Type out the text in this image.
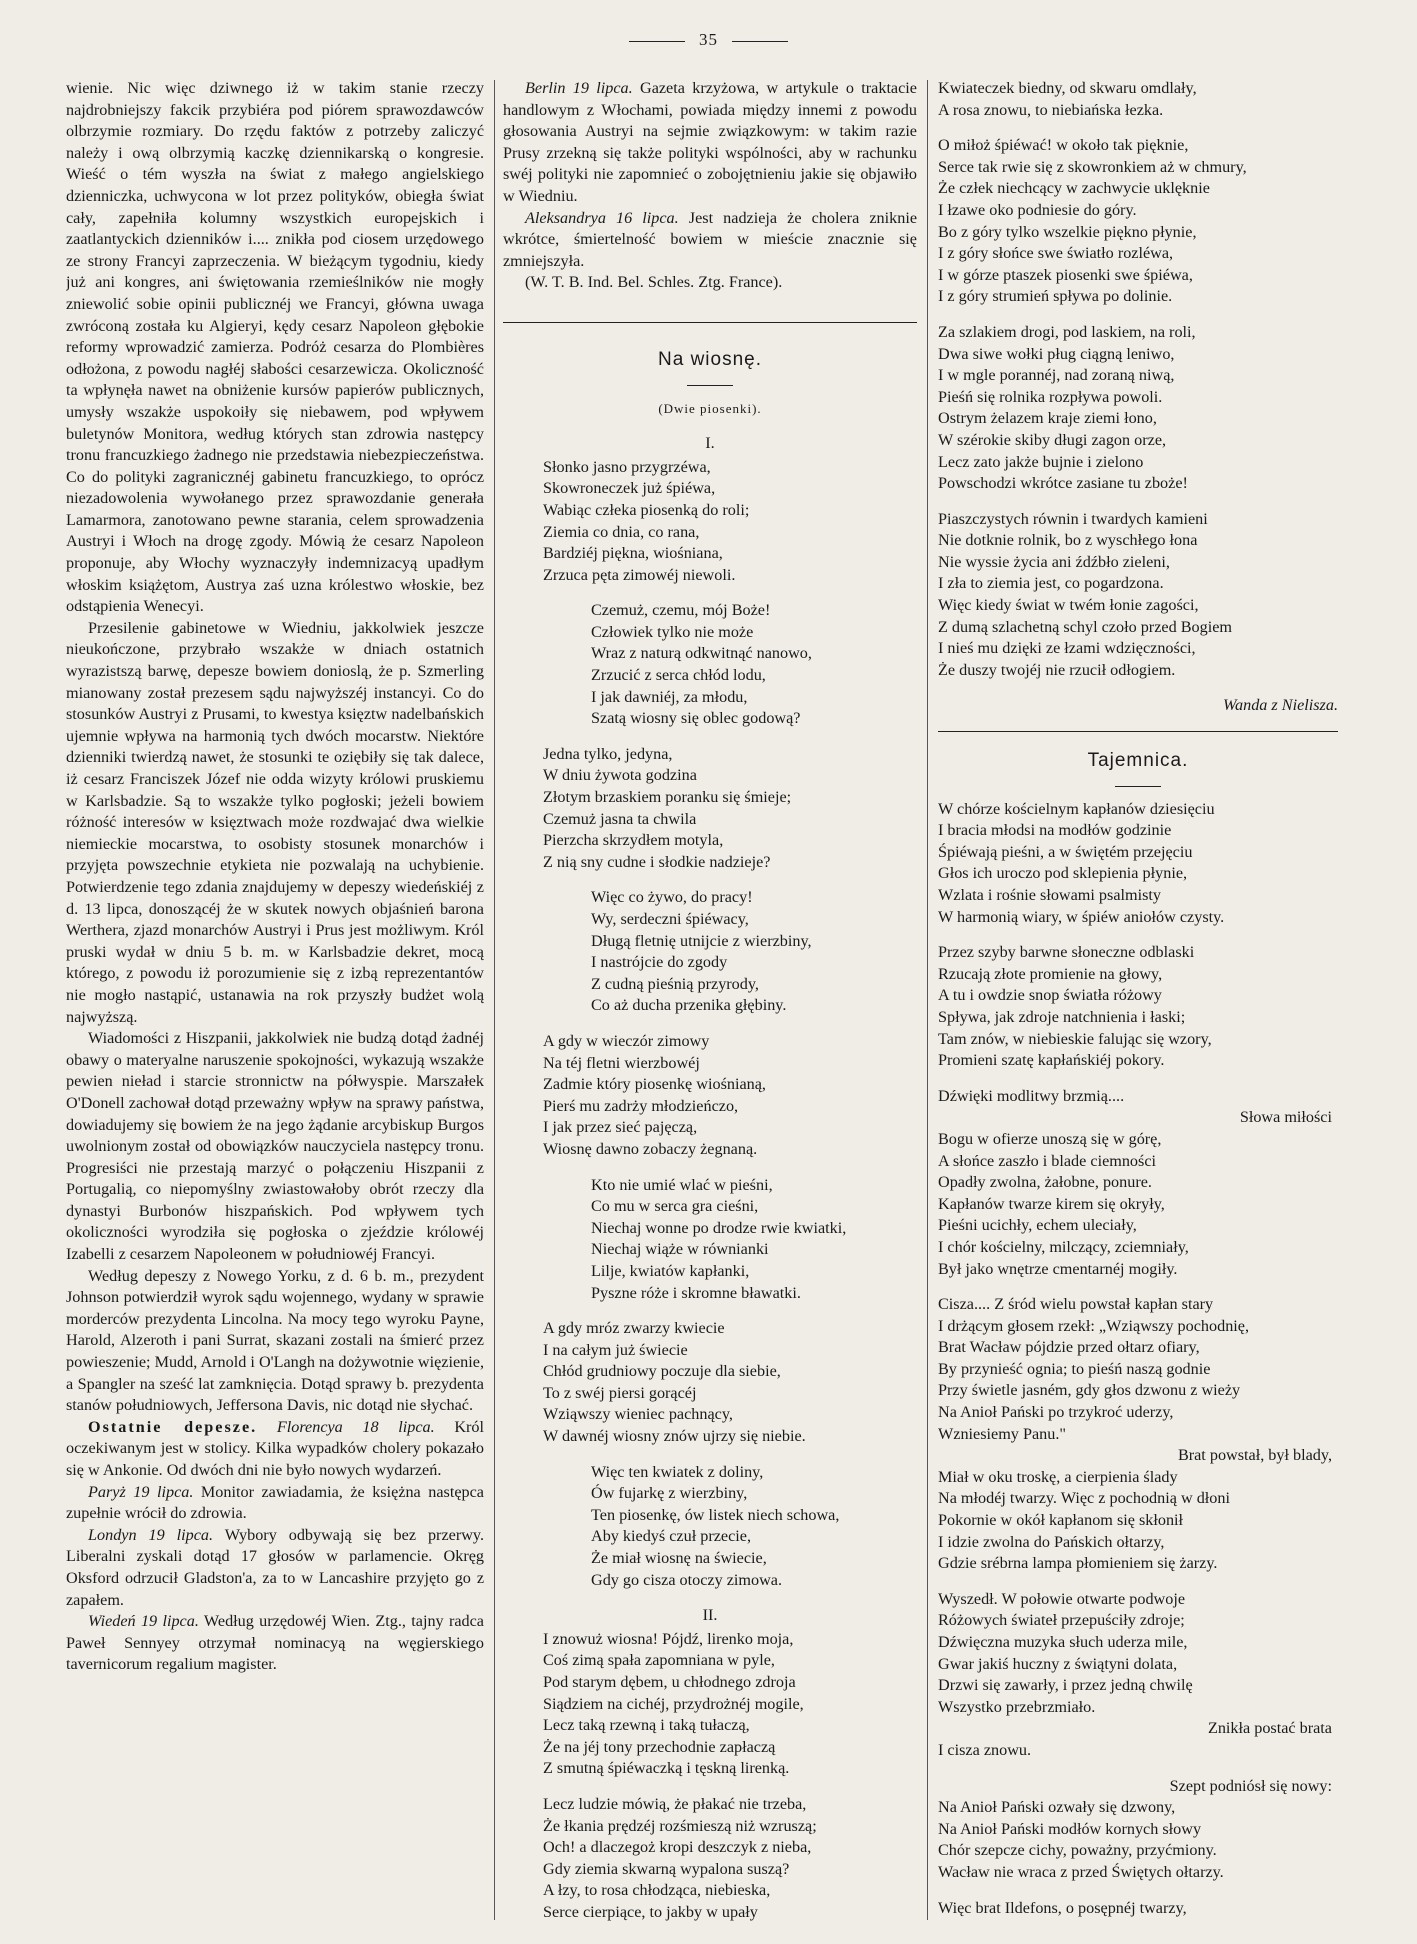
35

wienie. Nic więc dziwnego iż w takim stanie rzeczy najdrobniejszy fakcik przybiéra pod piórem sprawozdawców olbrzymie rozmiary. Do rzędu faktów z potrzeby zaliczyć należy i ową olbrzymią kaczkę dziennikarską o kongresie. Wieść o tém wyszła na świat z małego angielskiego dzienniczka, uchwycona w lot przez polityków, obiegła świat cały, zapełniła kolumny wszystkich europejskich i zaatlantyckich dzienników i.... znikła pod ciosem urzędowego ze strony Francyi zaprzeczenia. W bieżącym tygodniu, kiedy już ani kongres, ani świętowania rzemieślników nie mogły zniewolić sobie opinii publicznéj we Francyi, główna uwaga zwróconą została ku Algieryi, kędy cesarz Napoleon głębokie reformy wprowadzić zamierza. Podróż cesarza do Plombières odłożona, z powodu nagłéj słabości cesarzewicza. Okoliczność ta wpłynęła nawet na obniżenie kursów papierów publicznych, umysły wszakże uspokoiły się niebawem, pod wpływem buletynów Monitora, według których stan zdrowia następcy tronu francuzkiego żadnego nie przedstawia niebezpieczeństwa. Co do polityki zagranicznéj gabinetu francuzkiego, to oprócz niezadowolenia wywołanego przez sprawozdanie generała Lamarmora, zanotowano pewne starania, celem sprowadzenia Austryi i Włoch na drogę zgody. Mówią że cesarz Napoleon proponuje, aby Włochy wyznaczyły indemnizacyą upadłym włoskim książętom, Austrya zaś uzna królestwo włoskie, bez odstąpienia Wenecyi.

Przesilenie gabinetowe w Wiedniu, jakkolwiek jeszcze nieukończone, przybrało wszakże w dniach ostatnich wyrazistszą barwę, depesze bowiem donioslą, że p. Szmerling mianowany został prezesem sądu najwyższéj instancyi. Co do stosunków Austryi z Prusami, to kwestya księztw nadelbańskich ujemnie wpływa na harmonią tych dwóch mocarstw. Niektóre dzienniki twierdzą nawet, że stosunki te oziębiły się tak dalece, iż cesarz Franciszek Józef nie odda wizyty królowi pruskiemu w Karlsbadzie. Są to wszakże tylko pogłoski; jeżeli bowiem różność interesów w księztwach może rozdwajać dwa wielkie niemieckie mocarstwa, to osobisty stosunek monarchów i przyjęta powszechnie etykieta nie pozwalają na uchybienie. Potwierdzenie tego zdania znajdujemy w depeszy wiedeńskiéj z d. 13 lipca, donoszącéj że w skutek nowych objaśnień barona Werthera, zjazd monarchów Austryi i Prus jest możliwym. Król pruski wydał w dniu 5 b. m. w Karlsbadzie dekret, mocą którego, z powodu iż porozumienie się z izbą reprezentantów nie mogło nastąpić, ustanawia na rok przyszły budżet wolą najwyższą.

Wiadomości z Hiszpanii, jakkolwiek nie budzą dotąd żadnéj obawy o materyalne naruszenie spokojności, wykazują wszakże pewien nieład i starcie stronnictw na półwyspie. Marszałek O'Donell zachował dotąd przeważny wpływ na sprawy państwa, dowiadujemy się bowiem że na jego żądanie arcybiskup Burgos uwolnionym został od obowiązków nauczyciela następcy tronu. Progresiści nie przestają marzyć o połączeniu Hiszpanii z Portugalią, co niepomyślny zwiastowałoby obrót rzeczy dla dynastyi Burbonów hiszpańskich. Pod wpływem tych okoliczności wyrodziła się pogłoska o zjeździe królowéj Izabelli z cesarzem Napoleonem w południowéj Francyi.

Według depeszy z Nowego Yorku, z d. 6 b. m., prezydent Johnson potwierdził wyrok sądu wojennego, wydany w sprawie morderców prezydenta Lincolna. Na mocy tego wyroku Payne, Harold, Alzeroth i pani Surrat, skazani zostali na śmierć przez powieszenie; Mudd, Arnold i O'Langh na dożywotnie więzienie, a Spangler na sześć lat zamknięcia. Dotąd sprawy b. prezydenta stanów południowych, Jeffersona Davis, nic dotąd nie słychać.

Ostatnie depesze. Florencya 18 lipca. Król oczekiwanym jest w stolicy. Kilka wypadków cholery pokazało się w Ankonie. Od dwóch dni nie było nowych wydarzeń.

Paryż 19 lipca. Monitor zawiadamia, że księżna następca zupełnie wrócił do zdrowia.

Londyn 19 lipca. Wybory odbywają się bez przerwy. Liberalni zyskali dotąd 17 głosów w parlamencie. Okręg Oksford odrzucił Gladston'a, za to w Lancashire przyjęto go z zapałem.

Wiedeń 19 lipca. Według urzędowéj Wien. Ztg., tajny radca Paweł Sennyey otrzymał nominacyą na węgierskiego tavernicorum regalium magister.

Berlin 19 lipca. Gazeta krzyżowa, w artykule o traktacie handlowym z Włochami, powiada między innemi z powodu głosowania Austryi na sejmie związkowym: w takim razie Prusy zrzekną się także polityki wspólności, aby w rachunku swéj polityki nie zapomnieć o zobojętnieniu jakie się objawiło w Wiedniu.

Aleksandrya 16 lipca. Jest nadzieja że cholera zniknie wkrótce, śmiertelność bowiem w mieście znacznie się zmniejszyła.

(W. T. B. Ind. Bel. Schles. Ztg. France).

Na wiosnę.
(Dwie piosenki).
I.
Słonko jasno przygrzéwa,
Skowroneczek już śpiéwa,
Wabiąc człeka piosenką do roli;
Ziemia co dnia, co rana,
Bardziéj piękna, wiośniana,
Zrzuca pęta zimowéj niewoli.
Czemuż, czemu, mój Boże!
Człowiek tylko nie może
Wraz z naturą odkwitnąć nanowo,
Zrzucić z serca chłód lodu,
I jak dawniéj, za młodu,
Szatą wiosny się oblec godową?
Jedna tylko, jedyna,
W dniu żywota godzina
Złotym brzaskiem poranku się śmieje;
Czemuż jasna ta chwila
Pierzcha skrzydłem motyla,
Z nią sny cudne i słodkie nadzieje?
Więc co żywo, do pracy!
Wy, serdeczni śpiéwacy,
Długą fletnię utnijcie z wierzbiny,
I nastrójcie do zgody
Z cudną pieśnią przyrody,
Co aż ducha przenika głębiny.
A gdy w wieczór zimowy
Na téj fletni wierzbowéj
Zadmie który piosenkę wiośnianą,
Pierś mu zadrży młodzieńczo,
I jak przez sieć pajęczą,
Wiosnę dawno zobaczy żegnaną.
Kto nie umié wlać w pieśni,
Co mu w serca gra cieśni,
Niechaj wonne po drodze rwie kwiatki,
Niechaj wiąże w równianki
Lilje, kwiatów kapłanki,
Pyszne róże i skromne bławatki.
A gdy mróz zwarzy kwiecie
I na całym już świecie
Chłód grudniowy poczuje dla siebie,
To z swéj piersi gorącéj
Wziąwszy wieniec pachnący,
W dawnéj wiosny znów ujrzy się niebie.
Więc ten kwiatek z doliny,
Ów fujarkę z wierzbiny,
Ten piosenkę, ów listek niech schowa,
Aby kiedyś czuł przecie,
Że miał wiosnę na świecie,
Gdy go cisza otoczy zimowa.
II.
I znowuż wiosna! Pójdź, lirenko moja,
Coś zimą spała zapomniana w pyle,
Pod starym dębem, u chłodnego zdroja
Siądziem na cichéj, przydrożnéj mogile,
Lecz taką rzewną i taką tułaczą,
Że na jéj tony przechodnie zapłaczą
Z smutną śpiéwaczką i tęskną lirenką.
Lecz ludzie mówią, że płakać nie trzeba,
Że łkania prędzéj rozśmieszą niż wzruszą;
Och! a dlaczegoż kropi deszczyk z nieba,
Gdy ziemia skwarną wypalona suszą?
A łzy, to rosa chłodząca, niebieska,
Serce cierpiące, to jakby w upały
Kwiateczek biedny, od skwaru omdlały,
A rosa znowu, to niebiańska łezka.
O miłoż śpiéwać! w około tak pięknie,
Serce tak rwie się z skowronkiem aż w chmury,
Że człek niechcący w zachwycie uklęknie
I łzawe oko podniesie do góry.
Bo z góry tylko wszelkie piękno płynie,
I z góry słońce swe światło rozléwa,
I w górze ptaszek piosenki swe śpiéwa,
I z góry strumień spływa po dolinie.
Za szlakiem drogi, pod laskiem, na roli,
Dwa siwe wołki pług ciągną leniwo,
I w mgle porannéj, nad zoraną niwą,
Pieśń się rolnika rozpływa powoli.
Ostrym żelazem kraje ziemi łono,
W szérokie skiby długi zagon orze,
Lecz zato jakże bujnie i zielono
Powschodzi wkrótce zasiane tu zboże!
Piaszczystych równin i twardych kamieni
Nie dotknie rolnik, bo z wyschłego łona
Nie wyssie życia ani źdźbło zieleni,
I zła to ziemia jest, co pogardzona.
Więc kiedy świat w twém łonie zagości,
Z dumą szlachetną schyl czoło przed Bogiem
I nieś mu dzięki ze łzami wdzięczności,
Że duszy twojéj nie rzucił odłogiem.
Wanda z Nieliszа.
Tajemnica.
W chórze kościelnym kapłanów dziesięciu
I bracia młodsi na modłów godzinie
Śpiéwają pieśni, a w świętém przejęciu
Głos ich uroczo pod sklepienia płynie,
Wzlata i rośnie słowami psalmisty
W harmonią wiary, w śpiéw aniołów czysty.
Przez szyby barwne słoneczne odblaski
Rzucają złote promienie na głowy,
A tu i owdzie snop światła różowy
Spływa, jak zdroje natchnienia i łaski;
Tam znów, w niebieskie falując się wzory,
Promieni szatę kapłańskiéj pokory.
Dźwięki modlitwy brzmią....
Słowa miłości
Bogu w ofierze unoszą się w górę,
A słońce zaszło i blade ciemności
Opadły zwolna, żałobne, ponure.
Kapłanów twarze kirem się okryły,
Pieśni ucichły, echem uleciały,
I chór kościelny, milczący, zciemniały,
Był jako wnętrze cmentarnéj mogiły.
Cisza.... Z śród wielu powstał kapłan stary
I drżącym głosem rzekł: „Wziąwszy pochodnię,
Brat Wacław pójdzie przed ołtarz ofiary,
By przynieść ognia; to pieśń naszą godnie
Przy świetle jasném, gdy głos dzwonu z wieży
Na Anioł Pański po trzykroć uderzy,
Wzniesiemy Panu."
Brat powstał, był blady,
Miał w oku troskę, a cierpienia ślady
Na młodéj twarzy. Więc z pochodnią w dłoni
Pokornie w okół kapłanom się skłonił
I idzie zwolna do Pańskich ołtarzy,
Gdzie srébrna lampa płomieniem się żarzy.
Wyszedł. W połowie otwarte podwoje
Różowych świateł przepuściły zdroje;
Dźwięczna muzyka słuch uderza mile,
Gwar jakiś huczny z świątyni dolata,
Drzwi się zawarły, i przez jedną chwilę
Wszystko przebrzmiało.
Znikła postać brata
I cisza znowu.
Szept podniósł się nowy:
Na Anioł Pański ozwały się dzwony,
Na Anioł Pański modłów kornych słowy
Chór szepcze cichy, poważny, przyćmiony.
Wacław nie wraca z przed Świętych ołtarzy.
Więc brat Ildefons, o posępnéj twarzy,
